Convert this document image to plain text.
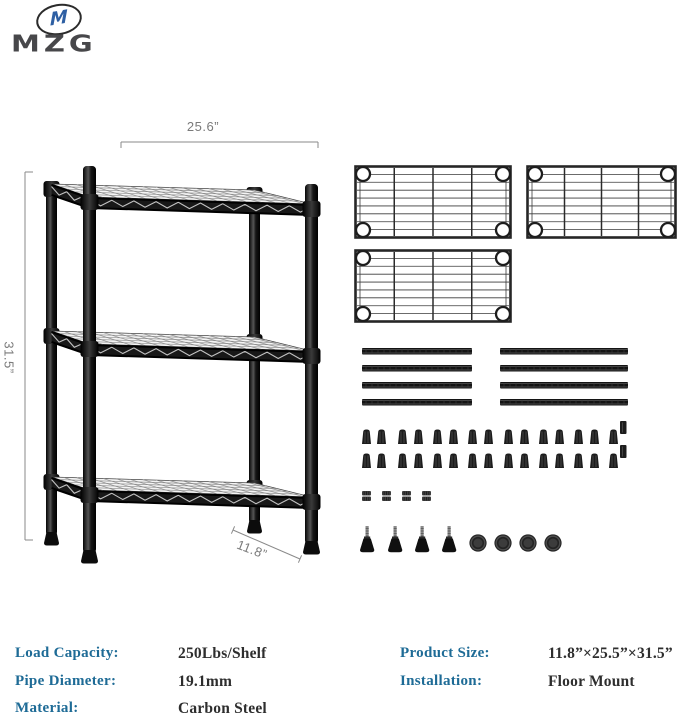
M
MZG
25.6”
31.5”
11.8”
Load Capacity:	250Lbs/Shelf
Pipe Diameter:	19.1mm
Material:	Carbon Steel
Product Size:	11.8”×25.5”×31.5”
Installation:	Floor Mount
